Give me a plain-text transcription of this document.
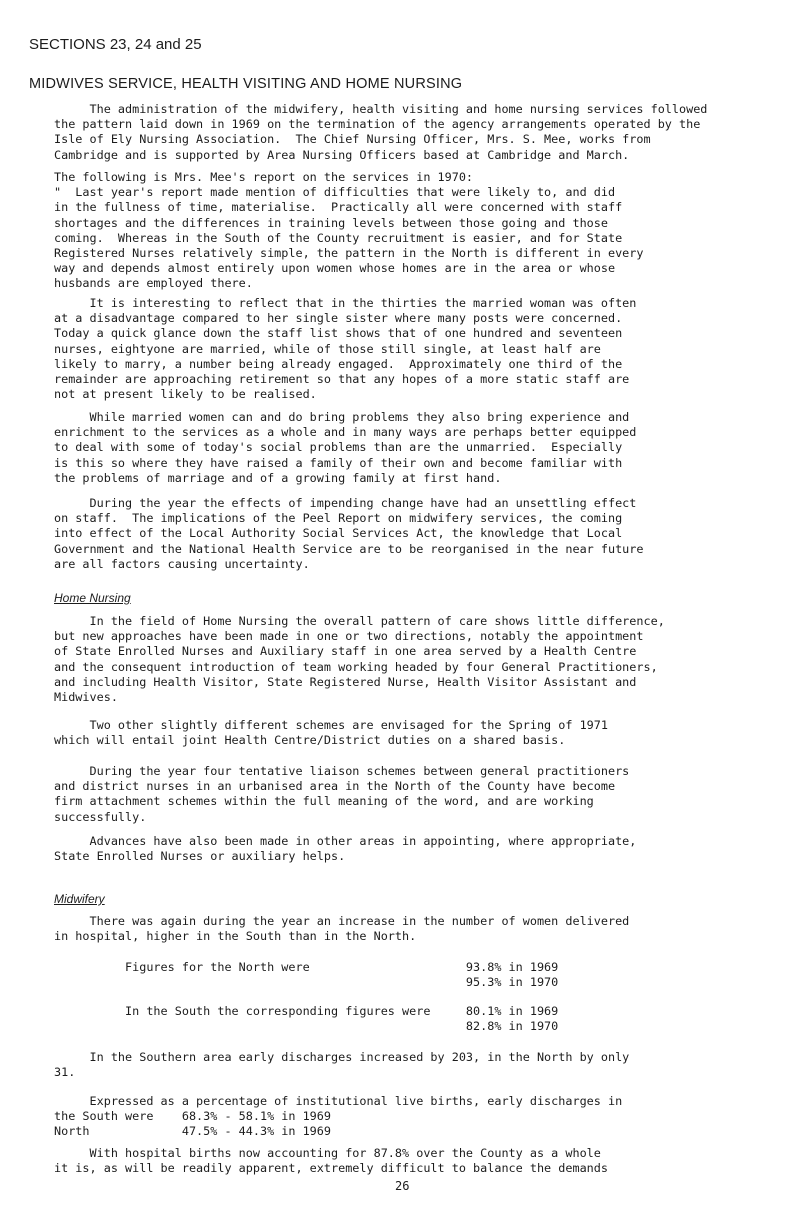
SECTIONS 23, 24 and 25
MIDWIVES SERVICE, HEALTH VISITING AND HOME NURSING
The administration of the midwifery, health visiting and home nursing services followed
the pattern laid down in 1969 on the termination of the agency arrangements operated by the
Isle of Ely Nursing Association.  The Chief Nursing Officer, Mrs. S. Mee, works from
Cambridge and is supported by Area Nursing Officers based at Cambridge and March.
The following is Mrs. Mee's report on the services in 1970:
"  Last year's report made mention of difficulties that were likely to, and did
in the fullness of time, materialise.  Practically all were concerned with staff
shortages and the differences in training levels between those going and those
coming.  Whereas in the South of the County recruitment is easier, and for State
Registered Nurses relatively simple, the pattern in the North is different in every
way and depends almost entirely upon women whose homes are in the area or whose
husbands are employed there.
It is interesting to reflect that in the thirties the married woman was often
at a disadvantage compared to her single sister where many posts were concerned.
Today a quick glance down the staff list shows that of one hundred and seventeen
nurses, eightyone are married, while of those still single, at least half are
likely to marry, a number being already engaged.  Approximately one third of the
remainder are approaching retirement so that any hopes of a more static staff are
not at present likely to be realised.
While married women can and do bring problems they also bring experience and
enrichment to the services as a whole and in many ways are perhaps better equipped
to deal with some of today's social problems than are the unmarried.  Especially
is this so where they have raised a family of their own and become familiar with
the problems of marriage and of a growing family at first hand.
During the year the effects of impending change have had an unsettling effect
on staff.  The implications of the Peel Report on midwifery services, the coming
into effect of the Local Authority Social Services Act, the knowledge that Local
Government and the National Health Service are to be reorganised in the near future
are all factors causing uncertainty.
In the field of Home Nursing the overall pattern of care shows little difference,
but new approaches have been made in one or two directions, notably the appointment
of State Enrolled Nurses and Auxiliary staff in one area served by a Health Centre
and the consequent introduction of team working headed by four General Practitioners,
and including Health Visitor, State Registered Nurse, Health Visitor Assistant and
Midwives.
Two other slightly different schemes are envisaged for the Spring of 1971
which will entail joint Health Centre/District duties on a shared basis.
During the year four tentative liaison schemes between general practitioners
and district nurses in an urbanised area in the North of the County have become
firm attachment schemes within the full meaning of the word, and are working
successfully.
Advances have also been made in other areas in appointing, where appropriate,
State Enrolled Nurses or auxiliary helps.
There was again during the year an increase in the number of women delivered
in hospital, higher in the South than in the North.
Figures for the North were                      93.8% in 1969
95.3% in 1970
In the South the corresponding figures were     80.1% in 1969
82.8% in 1970
In the Southern area early discharges increased by 203, in the North by only
31.
Expressed as a percentage of institutional live births, early discharges in
the South were    68.3% - 58.1% in 1969
North             47.5% - 44.3% in 1969
With hospital births now accounting for 87.8% over the County as a whole
it is, as will be readily apparent, extremely difficult to balance the demands
Home Nursing
Midwifery
26
